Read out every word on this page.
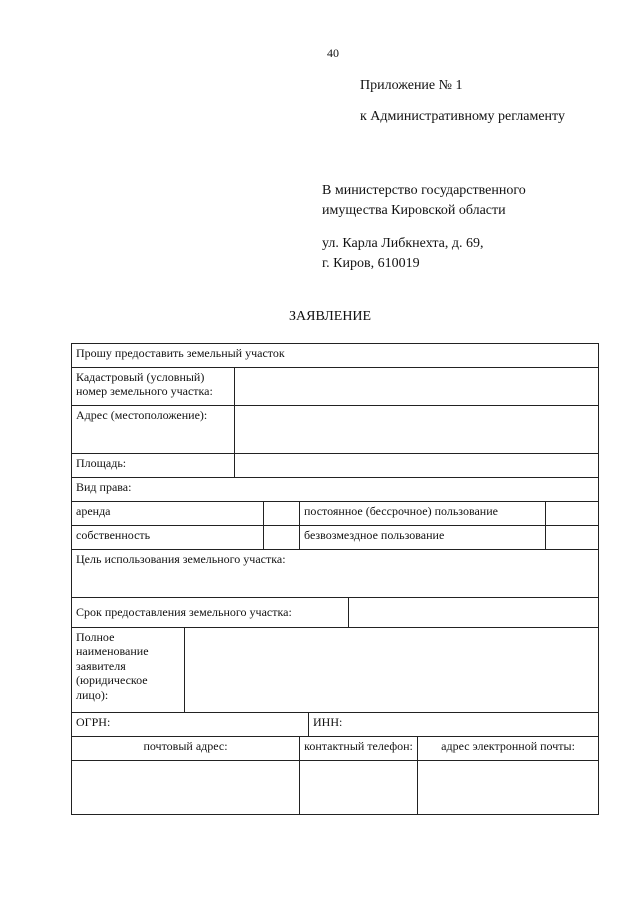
40
Приложение № 1
к Административному регламенту
В министерство государственного
имущества Кировской области
ул. Карла Либкнехта, д. 69,
г. Киров, 610019
ЗАЯВЛЕНИЕ
Прошу предоставить земельный участок								

Кадастровый (условный)
номер земельного участка:								

Адрес (местоположение):								
Площадь:								
Вид права:								
аренда				постоянное (бессрочное) пользование				
собственность				безвозмездное пользование				
Цель использования земельного участка:								
Срок предоставления земельного участка:								

Полное
наименование
заявителя
(юридическое
лицо):								

ОГРН:					ИНН:			
почтовый адрес:				контактный телефон:			адрес электронной почты:	
